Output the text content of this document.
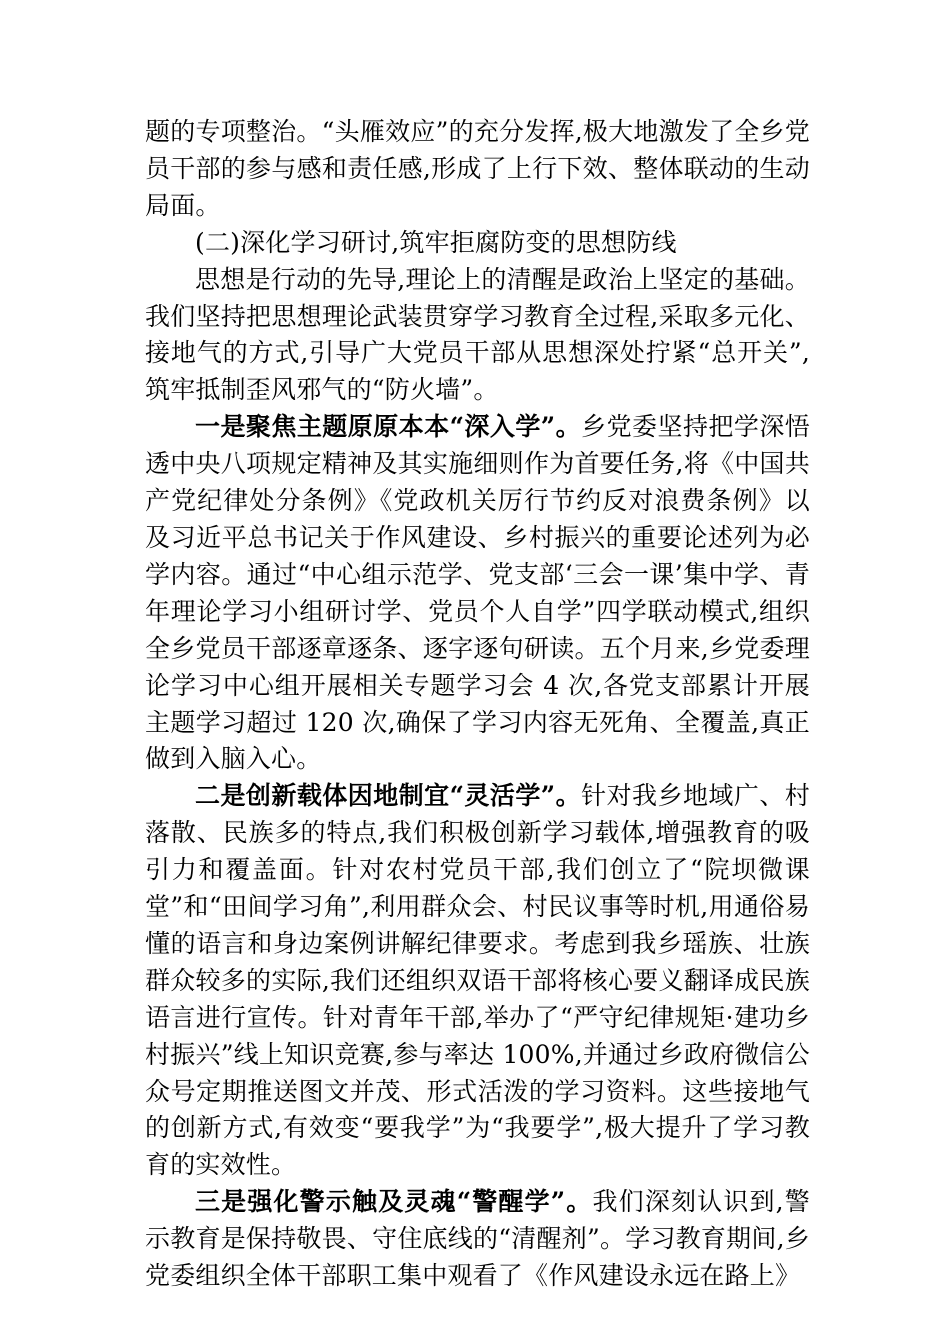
题的专项整治。“头雁效应”的充分发挥,极大地激发了全乡党员干部的参与感和责任感,形成了上行下效、整体联动的生动局面。

(二)深化学习研讨,筑牢拒腐防变的思想防线

思想是行动的先导,理论上的清醒是政治上坚定的基础。我们坚持把思想理论武装贯穿学习教育全过程,采取多元化、接地气的方式,引导广大党员干部从思想深处拧紧“总开关”,筑牢抵制歪风邪气的“防火墙”。

一是聚焦主题原原本本“深入学”。乡党委坚持把学深悟透中央八项规定精神及其实施细则作为首要任务,将《中国共产党纪律处分条例》《党政机关厉行节约反对浪费条例》以及习近平总书记关于作风建设、乡村振兴的重要论述列为必学内容。通过“中心组示范学、党支部‘三会一课’集中学、青年理论学习小组研讨学、党员个人自学”四学联动模式,组织全乡党员干部逐章逐条、逐字逐句研读。五个月来,乡党委理论学习中心组开展相关专题学习会 4 次,各党支部累计开展主题学习超过 120 次,确保了学习内容无死角、全覆盖,真正做到入脑入心。

二是创新载体因地制宜“灵活学”。针对我乡地域广、村落散、民族多的特点,我们积极创新学习载体,增强教育的吸引力和覆盖面。针对农村党员干部,我们创立了“院坝微课堂”和“田间学习角”,利用群众会、村民议事等时机,用通俗易懂的语言和身边案例讲解纪律要求。考虑到我乡瑶族、壮族群众较多的实际,我们还组织双语干部将核心要义翻译成民族语言进行宣传。针对青年干部,举办了“严守纪律规矩·建功乡村振兴”线上知识竞赛,参与率达 100%,并通过乡政府微信公众号定期推送图文并茂、形式活泼的学习资料。这些接地气的创新方式,有效变“要我学”为“我要学”,极大提升了学习教育的实效性。

三是强化警示触及灵魂“警醒学”。我们深刻认识到,警示教育是保持敬畏、守住底线的“清醒剂”。学习教育期间,乡党委组织全体干部职工集中观看了《作风建设永远在路上》
